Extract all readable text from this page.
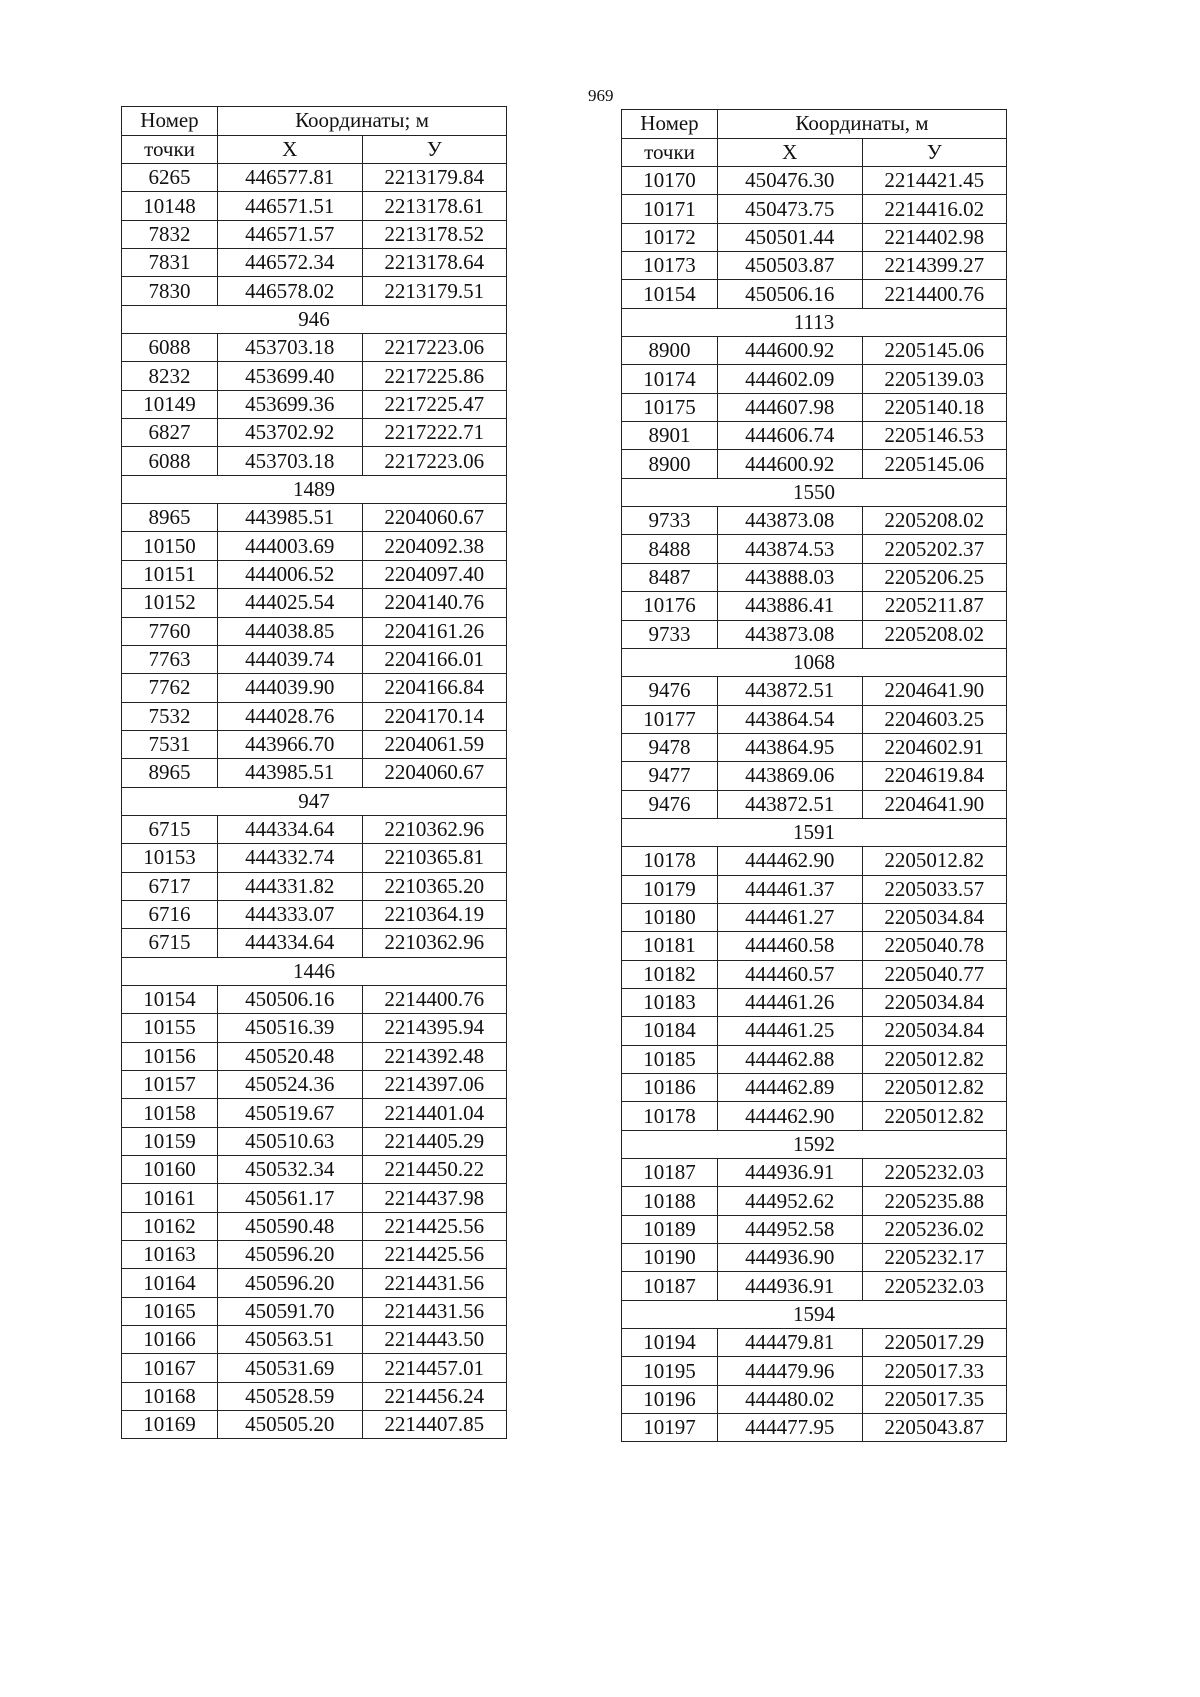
969
Номер	Координаты; м	
точки	X	У
6265	446577.81	2213179.84
10148	446571.51	2213178.61
7832	446571.57	2213178.52
7831	446572.34	2213178.64
7830	446578.02	2213179.51
946		
6088	453703.18	2217223.06
8232	453699.40	2217225.86
10149	453699.36	2217225.47
6827	453702.92	2217222.71
6088	453703.18	2217223.06
1489		
8965	443985.51	2204060.67
10150	444003.69	2204092.38
10151	444006.52	2204097.40
10152	444025.54	2204140.76
7760	444038.85	2204161.26
7763	444039.74	2204166.01
7762	444039.90	2204166.84
7532	444028.76	2204170.14
7531	443966.70	2204061.59
8965	443985.51	2204060.67
947		
6715	444334.64	2210362.96
10153	444332.74	2210365.81
6717	444331.82	2210365.20
6716	444333.07	2210364.19
6715	444334.64	2210362.96
1446		
10154	450506.16	2214400.76
10155	450516.39	2214395.94
10156	450520.48	2214392.48
10157	450524.36	2214397.06
10158	450519.67	2214401.04
10159	450510.63	2214405.29
10160	450532.34	2214450.22
10161	450561.17	2214437.98
10162	450590.48	2214425.56
10163	450596.20	2214425.56
10164	450596.20	2214431.56
10165	450591.70	2214431.56
10166	450563.51	2214443.50
10167	450531.69	2214457.01
10168	450528.59	2214456.24
10169	450505.20	2214407.85
Номер	Координаты, м	
точки	X	У
10170	450476.30	2214421.45
10171	450473.75	2214416.02
10172	450501.44	2214402.98
10173	450503.87	2214399.27
10154	450506.16	2214400.76
1113		
8900	444600.92	2205145.06
10174	444602.09	2205139.03
10175	444607.98	2205140.18
8901	444606.74	2205146.53
8900	444600.92	2205145.06
1550		
9733	443873.08	2205208.02
8488	443874.53	2205202.37
8487	443888.03	2205206.25
10176	443886.41	2205211.87
9733	443873.08	2205208.02
1068		
9476	443872.51	2204641.90
10177	443864.54	2204603.25
9478	443864.95	2204602.91
9477	443869.06	2204619.84
9476	443872.51	2204641.90
1591		
10178	444462.90	2205012.82
10179	444461.37	2205033.57
10180	444461.27	2205034.84
10181	444460.58	2205040.78
10182	444460.57	2205040.77
10183	444461.26	2205034.84
10184	444461.25	2205034.84
10185	444462.88	2205012.82
10186	444462.89	2205012.82
10178	444462.90	2205012.82
1592		
10187	444936.91	2205232.03
10188	444952.62	2205235.88
10189	444952.58	2205236.02
10190	444936.90	2205232.17
10187	444936.91	2205232.03
1594		
10194	444479.81	2205017.29
10195	444479.96	2205017.33
10196	444480.02	2205017.35
10197	444477.95	2205043.87
